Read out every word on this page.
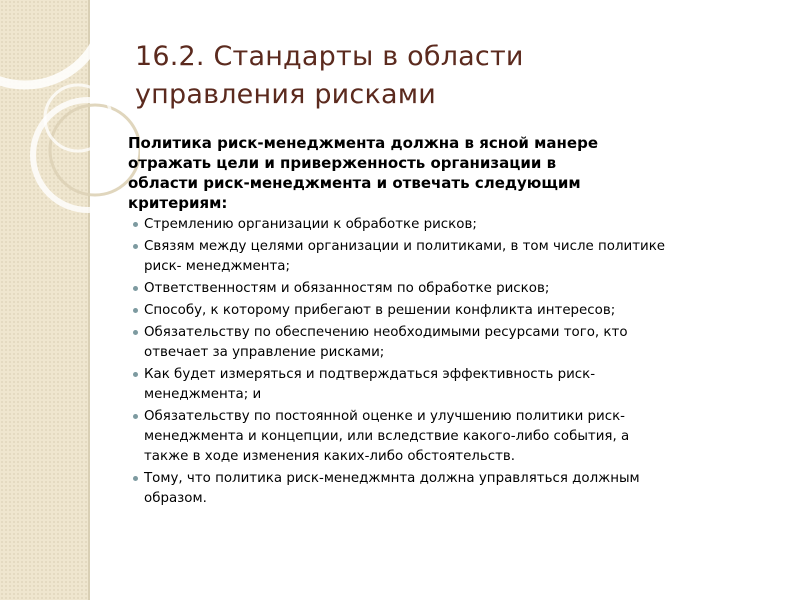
16.2. Стандарты в области
управления рисками

Политика риск-менеджмента должна в ясной манере
отражать цели и приверженность организации в
области риск-менеджмента и отвечать следующим
критериям:

Стремлению организации к обработке рисков;
Связям между целями организации и политиками, в том числе политике
риск- менеджмента;
Ответственностям и обязанностям по обработке рисков;
Способу, к которому прибегают в решении конфликта интересов;
Обязательству по обеспечению необходимыми ресурсами того, кто
отвечает за управление рисками;
Как будет измеряться и подтверждаться эффективность риск-
менеджмента; и
Обязательству по постоянной оценке и улучшению политики риск-
менеджмента и концепции, или вследствие какого-либо события, а
также в ходе изменения каких-либо обстоятельств.
Тому, что политика риск-менеджмнта должна управляться должным
образом.
